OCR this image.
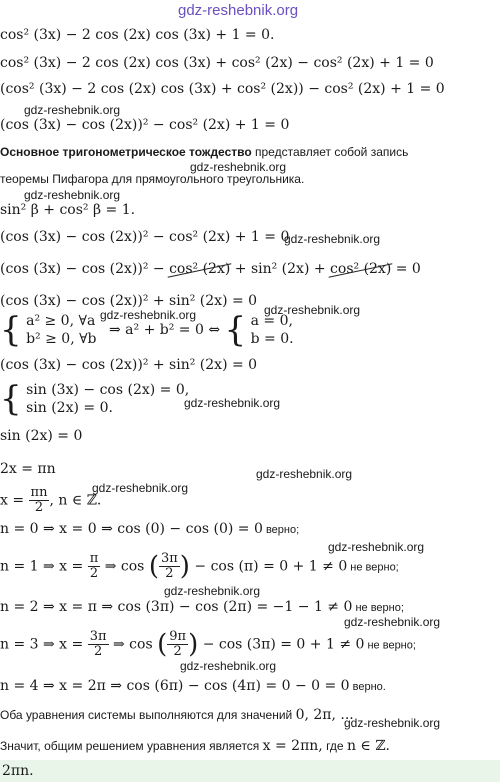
gdz-reshebnik.org
cos² (3x) − 2 cos (2x) cos (3x) + 1 = 0.
cos² (3x) − 2 cos (2x) cos (3x) + cos² (2x) − cos² (2x) + 1 = 0
(cos² (3x) − 2 cos (2x) cos (3x) + cos² (2x)) − cos² (2x) + 1 = 0
gdz-reshebnik.org
(cos (3x) − cos (2x))² − cos² (2x) + 1 = 0
Основное тригонометрическое тождество представляет собой запись
gdz-reshebnik.org
теоремы Пифагора для прямоугольного треугольника.
gdz-reshebnik.org
sin² β + cos² β = 1.
(cos (3x) − cos (2x))² − cos² (2x) + 1 = 0
gdz-reshebnik.org
(cos (3x) − cos (2x))² − cos² (2x) + sin² (2x) + cos² (2x) = 0
(cos (3x) − cos (2x))² + sin² (2x) = 0
gdz-reshebnik.org
{ a² ≥ 0, ∀a
b² ≥ 0, ∀b
⇒ a² + b² = 0 ⇔ { a = 0,
b = 0.
gdz-reshebnik.org
(cos (3x) − cos (2x))² + sin² (2x) = 0
{ sin (3x) − cos (2x) = 0,
sin (2x) = 0.	gdz-reshebnik.org
sin (2x) = 0
2x = πn	gdz-reshebnik.org
gdz-reshebnik.org
$x = \frac{\pi n}{2}$ , n ∈ ℤ.
n = 0 ⇒ x = 0 ⇒ cos (0) − cos (0) = 0 верно;
gdz-reshebnik.org
n = 1 ⇒ $x = \frac{\pi}{2}$ ⇒ cos ( $\frac{3\pi}{2}$ ) − cos (π) = 0 + 1 ≠ 0 не верно;
gdz-reshebnik.org
n = 2 ⇒ x = π ⇒ cos (3π) − cos (2π) = −1 − 1 ≠ 0 не верно;
gdz-reshebnik.org
n = 3 ⇒ $x = \frac{3\pi}{2}$ ⇒ cos ( $\frac{9\pi}{2}$ ) − cos (3π) = 0 + 1 ≠ 0 не верно;
gdz-reshebnik.org
n = 4 ⇒ x = 2π ⇒ cos (6π) − cos (4π) = 0 − 0 = 0 верно.
Оба уравнения системы выполняются для значений 0, 2π, ...
gdz-reshebnik.org
Значит, общим решением уравнения является x = 2πn, где n ∈ ℤ.
2πn.
